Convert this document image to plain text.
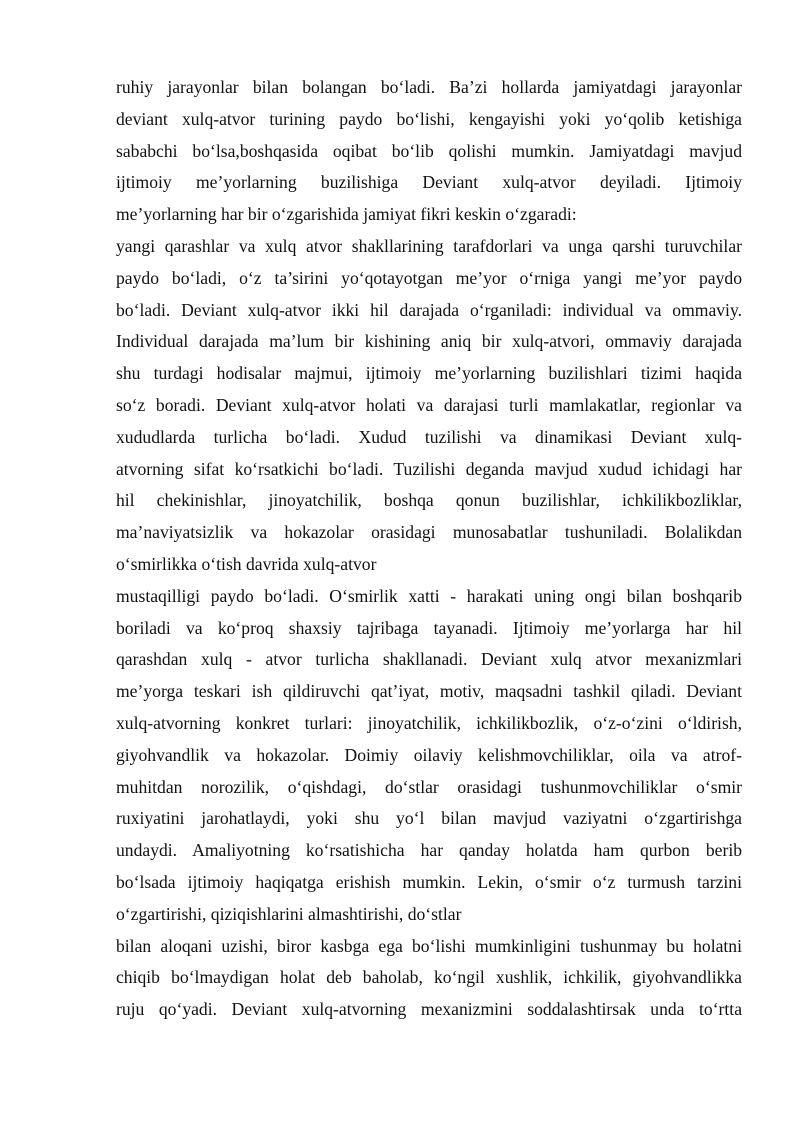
ruhiy jarayonlar bilan bolangan bo‘ladi. Ba’zi hollarda jamiyatdagi jarayonlar
deviant xulq-atvor turining paydo bo‘lishi, kengayishi yoki yo‘qolib ketishiga
sababchi bo‘lsa,boshqasida oqibat bo‘lib qolishi mumkin. Jamiyatdagi mavjud
ijtimoiy me’yorlarning buzilishiga Deviant xulq-atvor deyiladi. Ijtimoiy
me’yorlarning har bir o‘zgarishida jamiyat fikri keskin o‘zgaradi:
yangi qarashlar va xulq atvor shakllarining tarafdorlari va unga qarshi turuvchilar
paydo bo‘ladi, o‘z ta’sirini yo‘qotayotgan me’yor o‘rniga yangi me’yor paydo
bo‘ladi. Deviant xulq-atvor ikki hil darajada o‘rganiladi: individual va ommaviy.
Individual darajada ma’lum bir kishining aniq bir xulq-atvori, ommaviy darajada
shu turdagi hodisalar majmui, ijtimoiy me’yorlarning buzilishlari tizimi haqida
so‘z boradi. Deviant xulq-atvor holati va darajasi turli mamlakatlar, regionlar va
xududlarda turlicha bo‘ladi. Xudud tuzilishi va dinamikasi Deviant xulq-
atvorning sifat ko‘rsatkichi bo‘ladi. Tuzilishi deganda mavjud xudud ichidagi har
hil chekinishlar, jinoyatchilik, boshqa qonun buzilishlar, ichkilikbozliklar,
ma’naviyatsizlik va hokazolar orasidagi munosabatlar tushuniladi. Bolalikdan
o‘smirlikka o‘tish davrida xulq-atvor
mustaqilligi paydo bo‘ladi. O‘smirlik xatti - harakati uning ongi bilan boshqarib
boriladi va ko‘proq shaxsiy tajribaga tayanadi. Ijtimoiy me’yorlarga har hil
qarashdan xulq - atvor turlicha shakllanadi. Deviant xulq atvor mexanizmlari
me’yorga teskari ish qildiruvchi qat’iyat, motiv, maqsadni tashkil qiladi. Deviant
xulq-atvorning konkret turlari: jinoyatchilik, ichkilikbozlik, o‘z-o‘zini o‘ldirish,
giyohvandlik va hokazolar. Doimiy oilaviy kelishmovchiliklar, oila va atrof-
muhitdan norozilik, o‘qishdagi, do‘stlar orasidagi tushunmovchiliklar o‘smir
ruxiyatini jarohatlaydi, yoki shu yo‘l bilan mavjud vaziyatni o‘zgartirishga
undaydi. Amaliyotning ko‘rsatishicha har qanday holatda ham qurbon berib
bo‘lsada ijtimoiy haqiqatga erishish mumkin. Lekin, o‘smir o‘z turmush tarzini
o‘zgartirishi, qiziqishlarini almashtirishi, do‘stlar
bilan aloqani uzishi, biror kasbga ega bo‘lishi mumkinligini tushunmay bu holatni
chiqib bo‘lmaydigan holat deb baholab, ko‘ngil xushlik, ichkilik, giyohvandlikka
ruju qo‘yadi. Deviant xulq-atvorning mexanizmini soddalashtirsak unda to‘rtta
